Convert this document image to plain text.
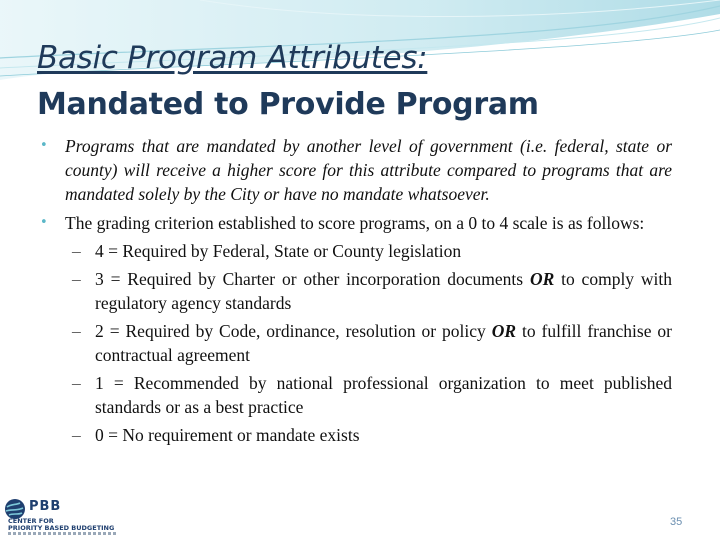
Basic Program Attributes:
Mandated to Provide Program
• Programs that are mandated by another level of government (i.e. federal, state or county) will receive a higher score for this attribute compared to programs that are mandated solely by the City or have no mandate whatsoever.
• The grading criterion established to score programs, on a 0 to 4 scale is as follows:
– 4 = Required by Federal, State or County legislation
– 3 = Required by Charter or other incorporation documents OR to comply with regulatory agency standards
– 2 = Required by Code, ordinance, resolution or policy OR to fulfill franchise or contractual agreement
– 1 = Recommended by national professional organization to meet published standards or as a best practice
– 0 = No requirement or mandate exists
PBB
CENTER FOR
PRIORITY BASED BUDGETING	35
